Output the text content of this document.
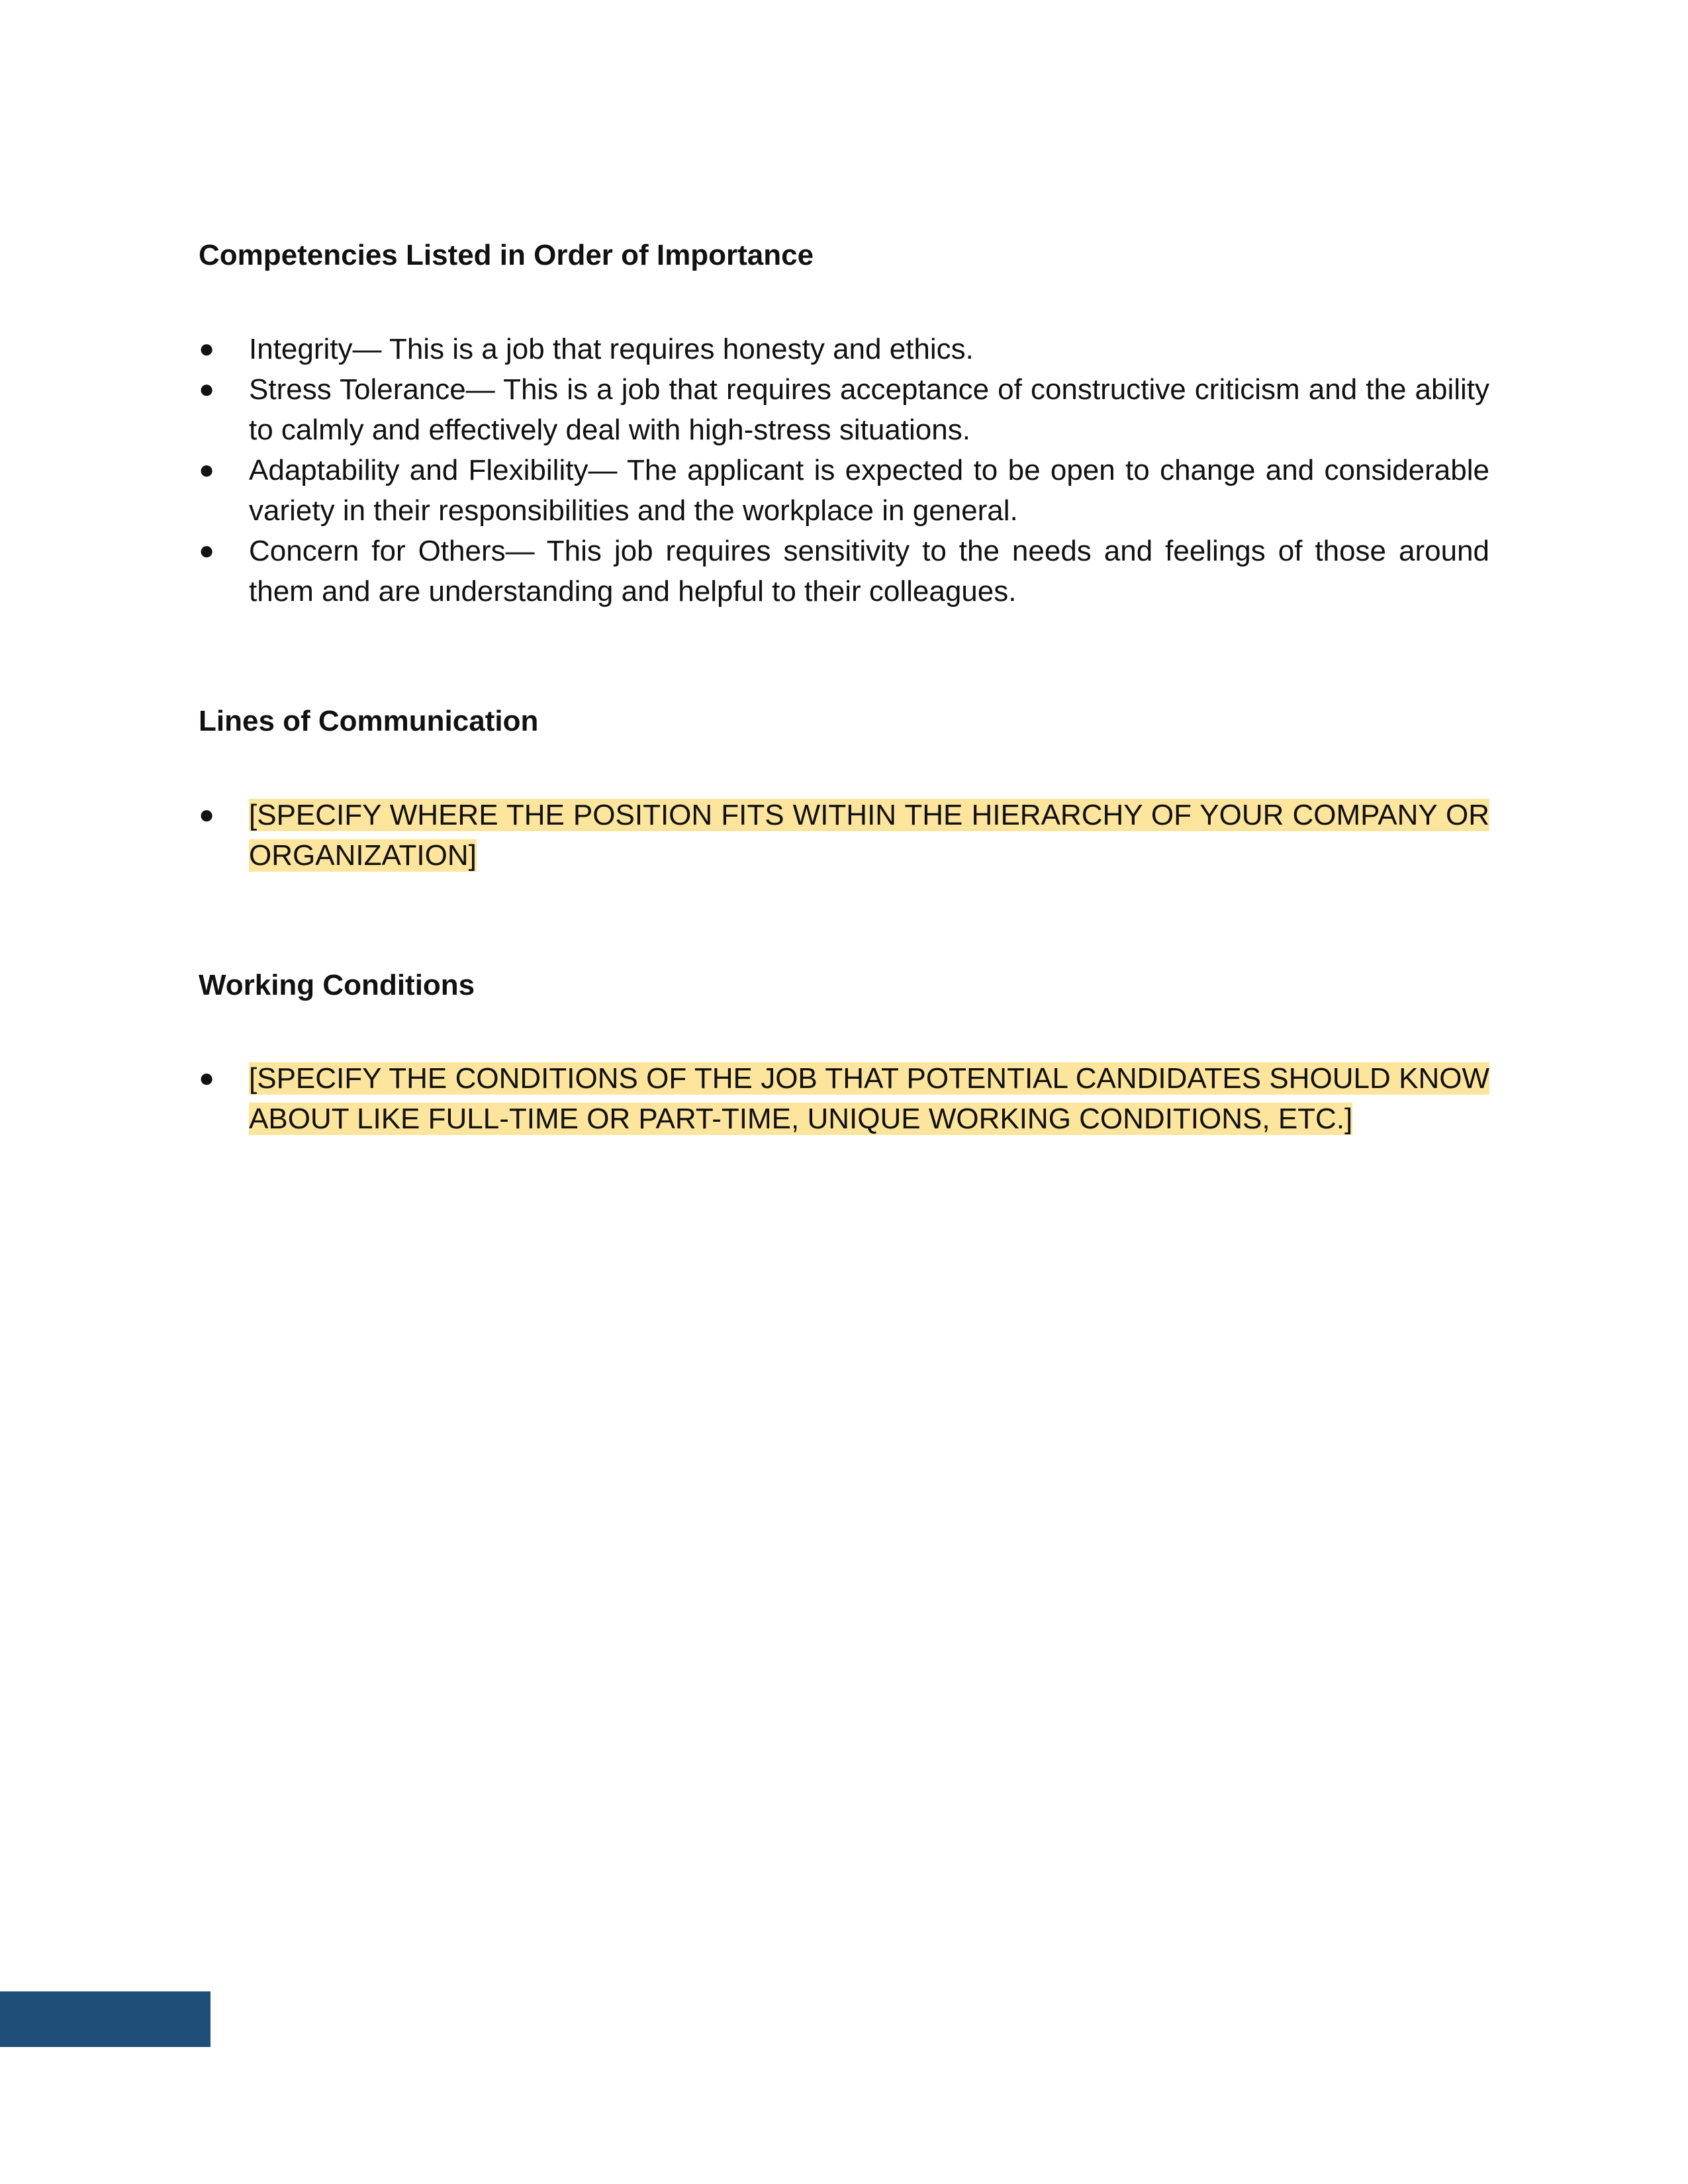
Competencies Listed in Order of Importance
●	Integrity— This is a job that requires honesty and ethics.
●	Stress Tolerance— This is a job that requires acceptance of constructive criticism and the ability to calmly and effectively deal with high-stress situations.
●	Adaptability and Flexibility— The applicant is expected to be open to change and considerable variety in their responsibilities and the workplace in general.
●	Concern for Others— This job requires sensitivity to the needs and feelings of those around them and are understanding and helpful to their colleagues.
Lines of Communication
●	[SPECIFY WHERE THE POSITION FITS WITHIN THE HIERARCHY OF YOUR COMPANY OR ORGANIZATION]
Working Conditions
●	[SPECIFY THE CONDITIONS OF THE JOB THAT POTENTIAL CANDIDATES SHOULD KNOW ABOUT LIKE FULL-TIME OR PART-TIME, UNIQUE WORKING CONDITIONS, ETC.]
